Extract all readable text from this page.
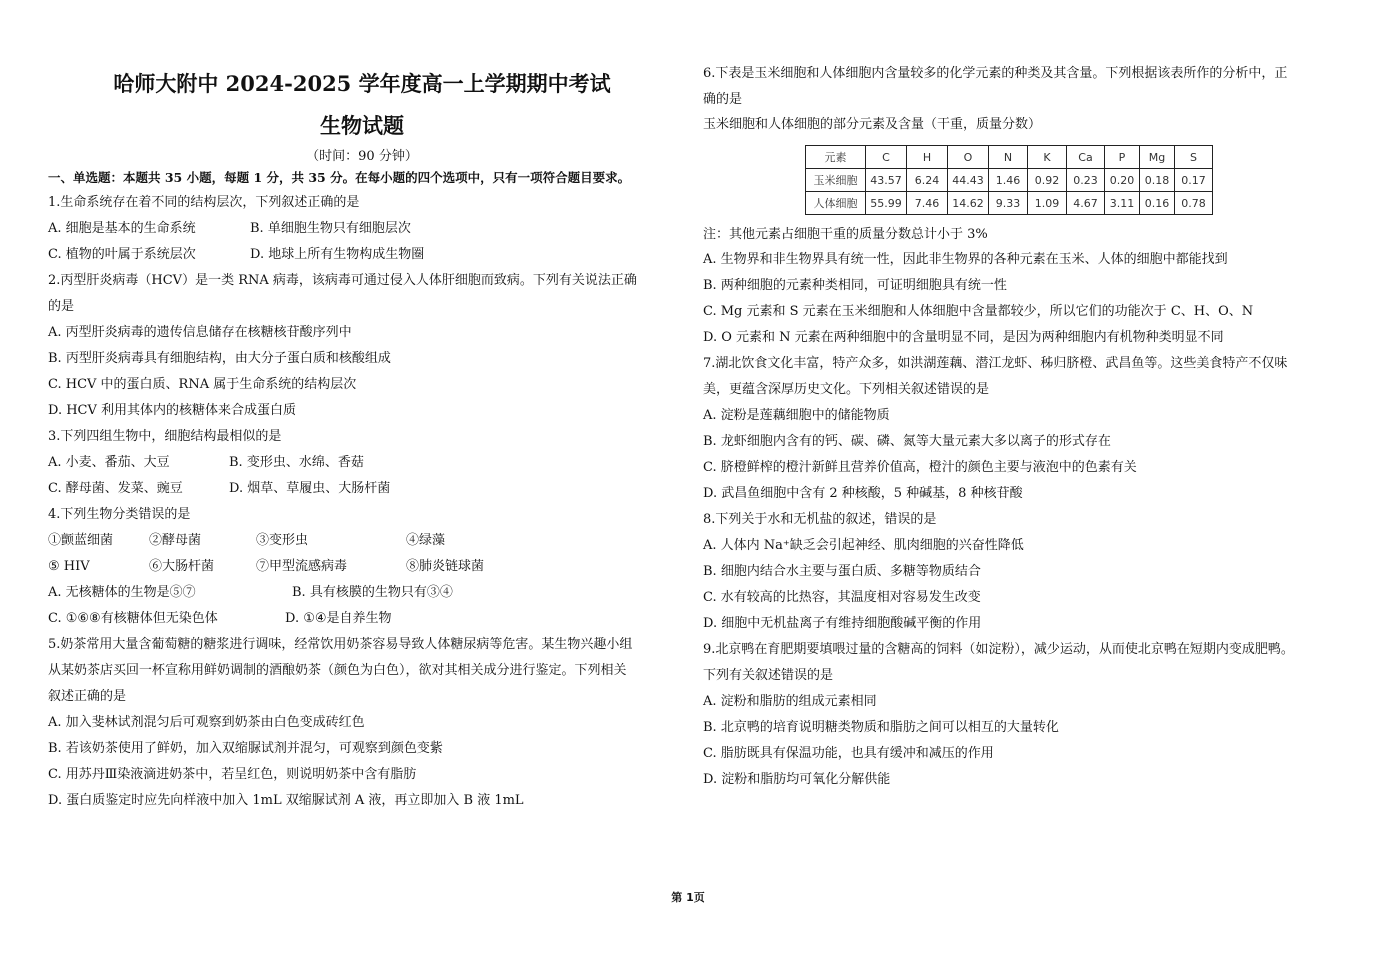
哈师大附中 2024-2025 学年度高一上学期期中考试
生物试题
（时间：90 分钟）
一、单选题：本题共 35 小题，每题 1 分，共 35 分。在每小题的四个选项中，只有一项符合题目要求。
1.生命系统存在着不同的结构层次，下列叙述正确的是
A. 细胞是基本的生命系统	B. 单细胞生物只有细胞层次
C. 植物的叶属于系统层次	D. 地球上所有生物构成生物圈
2.丙型肝炎病毒（HCV）是一类 RNA 病毒，该病毒可通过侵入人体肝细胞而致病。下列有关说法正确
的是
A. 丙型肝炎病毒的遗传信息储存在核糖核苷酸序列中
B. 丙型肝炎病毒具有细胞结构，由大分子蛋白质和核酸组成
C. HCV 中的蛋白质、RNA 属于生命系统的结构层次
D. HCV 利用其体内的核糖体来合成蛋白质
3.下列四组生物中，细胞结构最相似的是
A. 小麦、番茄、大豆	B. 变形虫、水绵、香菇
C. 酵母菌、发菜、豌豆	D. 烟草、草履虫、大肠杆菌
4.下列生物分类错误的是
①颤蓝细菌	②酵母菌	③变形虫	④绿藻
⑤ HIV	⑥大肠杆菌	⑦甲型流感病毒	⑧肺炎链球菌
A. 无核糖体的生物是⑤⑦	B. 具有核膜的生物只有③④
C. ①⑥⑧有核糖体但无染色体	D. ①④是自养生物
5.奶茶常用大量含葡萄糖的糖浆进行调味，经常饮用奶茶容易导致人体糖尿病等危害。某生物兴趣小组
从某奶茶店买回一杯宣称用鲜奶调制的酒酿奶茶（颜色为白色），欲对其相关成分进行鉴定。下列相关
叙述正确的是
A. 加入斐林试剂混匀后可观察到奶茶由白色变成砖红色
B. 若该奶茶使用了鲜奶，加入双缩脲试剂并混匀，可观察到颜色变紫
C. 用苏丹Ⅲ染液滴进奶茶中，若呈红色，则说明奶茶中含有脂肪
D. 蛋白质鉴定时应先向样液中加入 1mL 双缩脲试剂 A 液，再立即加入 B 液 1mL
6.下表是玉米细胞和人体细胞内含量较多的化学元素的种类及其含量。下列根据该表所作的分析中，正
确的是
玉米细胞和人体细胞的部分元素及含量（干重，质量分数）
元素	C	H	O	N	K	Ca	P	Mg	S
玉米细胞	43.57	6.24	44.43	1.46	0.92	0.23	0.20	0.18	0.17
人体细胞	55.99	7.46	14.62	9.33	1.09	4.67	3.11	0.16	0.78
注：其他元素占细胞干重的质量分数总计小于 3%
A. 生物界和非生物界具有统一性，因此非生物界的各种元素在玉米、人体的细胞中都能找到
B. 两种细胞的元素种类相同，可证明细胞具有统一性
C. Mg 元素和 S 元素在玉米细胞和人体细胞中含量都较少，所以它们的功能次于 C、H、O、N
D. O 元素和 N 元素在两种细胞中的含量明显不同，是因为两种细胞内有机物种类明显不同
7.湖北饮食文化丰富，特产众多，如洪湖莲藕、潜江龙虾、秭归脐橙、武昌鱼等。这些美食特产不仅味
美，更蕴含深厚历史文化。下列相关叙述错误的是
A. 淀粉是莲藕细胞中的储能物质
B. 龙虾细胞内含有的钙、碳、磷、氮等大量元素大多以离子的形式存在
C. 脐橙鲜榨的橙汁新鲜且营养价值高，橙汁的颜色主要与液泡中的色素有关
D. 武昌鱼细胞中含有 2 种核酸，5 种碱基，8 种核苷酸
8.下列关于水和无机盐的叙述，错误的是
A. 人体内 Na⁺缺乏会引起神经、肌肉细胞的兴奋性降低
B. 细胞内结合水主要与蛋白质、多糖等物质结合
C. 水有较高的比热容，其温度相对容易发生改变
D. 细胞中无机盐离子有维持细胞酸碱平衡的作用
9.北京鸭在育肥期要填喂过量的含糖高的饲料（如淀粉），减少运动，从而使北京鸭在短期内变成肥鸭。
下列有关叙述错误的是
A. 淀粉和脂肪的组成元素相同
B. 北京鸭的培育说明糖类物质和脂肪之间可以相互的大量转化
C. 脂肪既具有保温功能，也具有缓冲和减压的作用
D. 淀粉和脂肪均可氧化分解供能
第 1页
